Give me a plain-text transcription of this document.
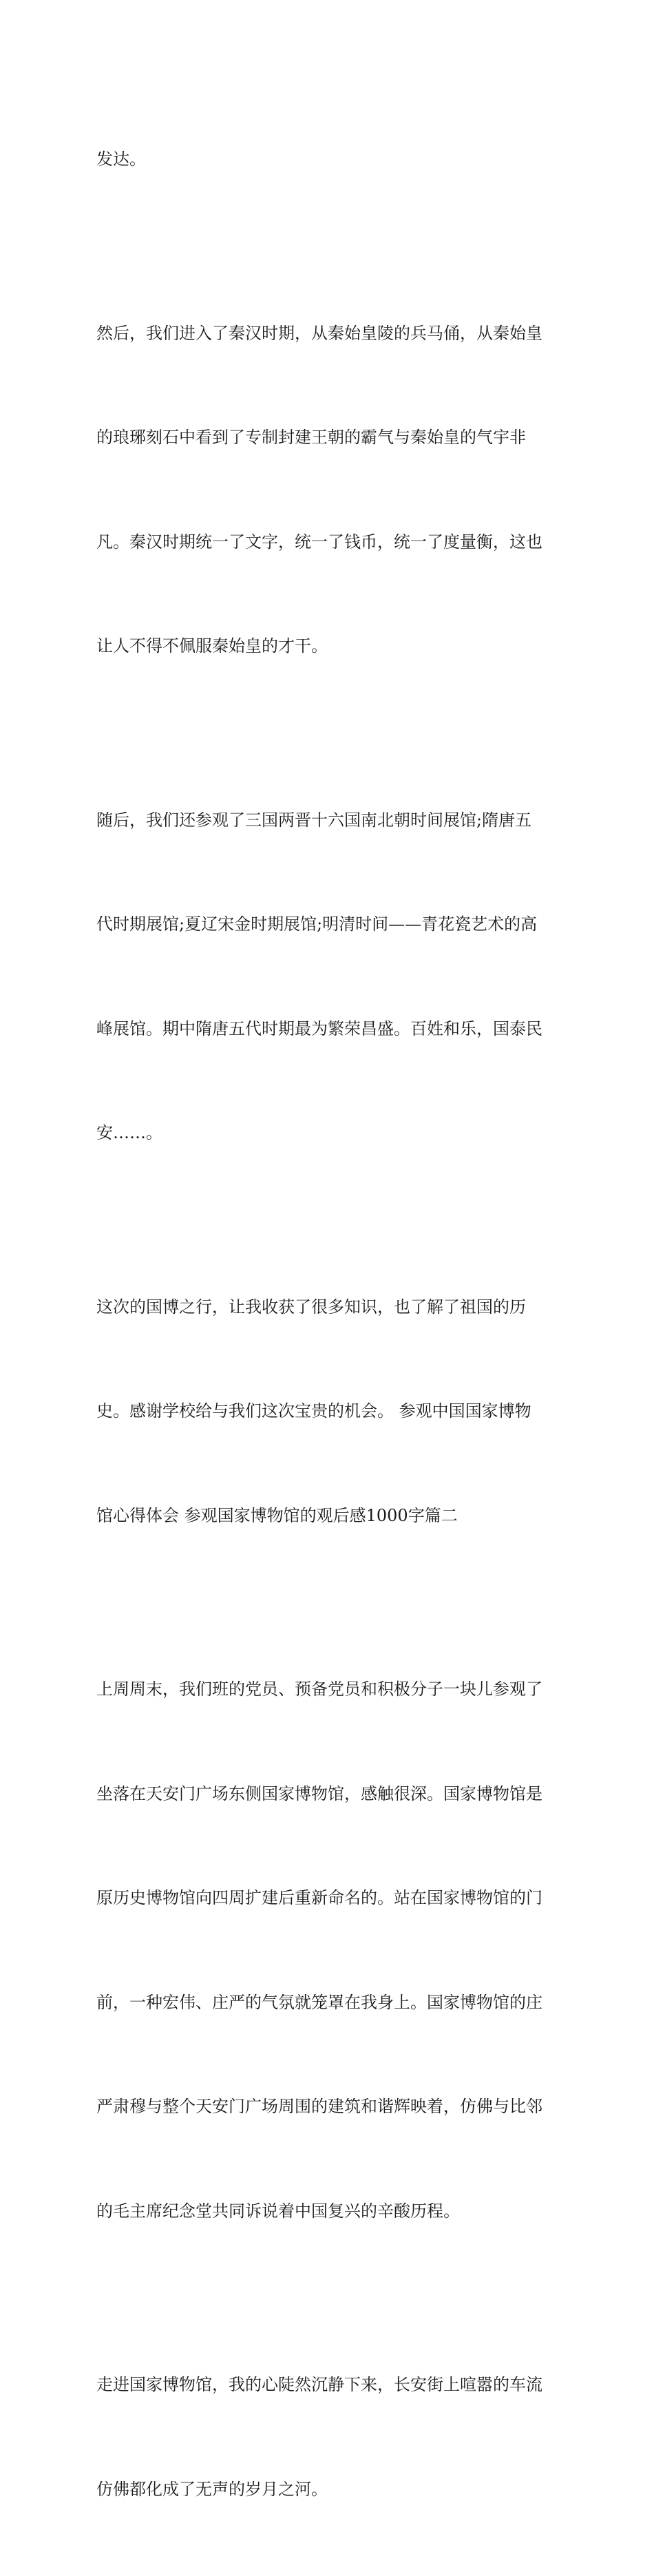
发达。

然后，我们进入了秦汉时期，从秦始皇陵的兵马俑，从秦始皇

的琅琊刻石中看到了专制封建王朝的霸气与秦始皇的气宇非

凡。秦汉时期统一了文字，统一了钱币，统一了度量衡，这也

让人不得不佩服秦始皇的才干。

随后，我们还参观了三国两晋十六国南北朝时间展馆;隋唐五

代时期展馆;夏辽宋金时期展馆;明清时间——青花瓷艺术的高

峰展馆。期中隋唐五代时期最为繁荣昌盛。百姓和乐，国泰民

安……。

这次的国博之行，让我收获了很多知识，也了解了祖国的历

史。感谢学校给与我们这次宝贵的机会。 参观中国国家博物

馆心得体会 参观国家博物馆的观后感1000字篇二

上周周末，我们班的党员、预备党员和积极分子一块儿参观了

坐落在天安门广场东侧国家博物馆，感触很深。国家博物馆是

原历史博物馆向四周扩建后重新命名的。站在国家博物馆的门

前，一种宏伟、庄严的气氛就笼罩在我身上。国家博物馆的庄

严肃穆与整个天安门广场周围的建筑和谐辉映着，仿佛与比邻

的毛主席纪念堂共同诉说着中国复兴的辛酸历程。

走进国家博物馆，我的心陡然沉静下来，长安街上喧嚣的车流

仿佛都化成了无声的岁月之河。
